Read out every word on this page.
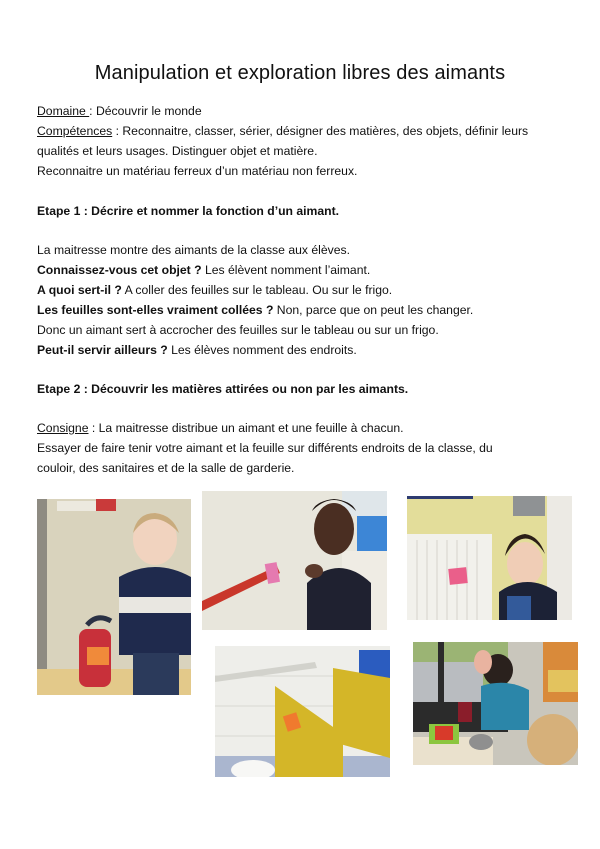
Manipulation et exploration libres des aimants
Domaine : Découvrir le monde
Compétences : Reconnaitre, classer, sérier, désigner des matières, des objets, définir leurs
qualités et leurs usages. Distinguer objet et matière.
Reconnaitre un matériau ferreux d’un matériau non ferreux.
Etape 1 : Décrire et nommer la fonction d’un aimant.
La maitresse montre des aimants de la classe aux élèves.
Connaissez-vous cet objet ? Les élèvent nomment l’aimant.
A quoi sert-il ? A coller des feuilles sur le tableau. Ou sur le frigo.
Les feuilles sont-elles vraiment collées ? Non, parce que on peut les changer.
Donc un aimant sert à accrocher des feuilles sur le tableau ou sur un frigo.
Peut-il servir ailleurs ? Les élèves nomment des endroits.
Etape 2 : Découvrir les matières attirées ou non par les aimants.
Consigne : La maitresse distribue un aimant et une feuille à chacun.
Essayer de faire tenir votre aimant et la feuille sur différents endroits de la classe, du
couloir, des sanitaires et de la salle de garderie.
